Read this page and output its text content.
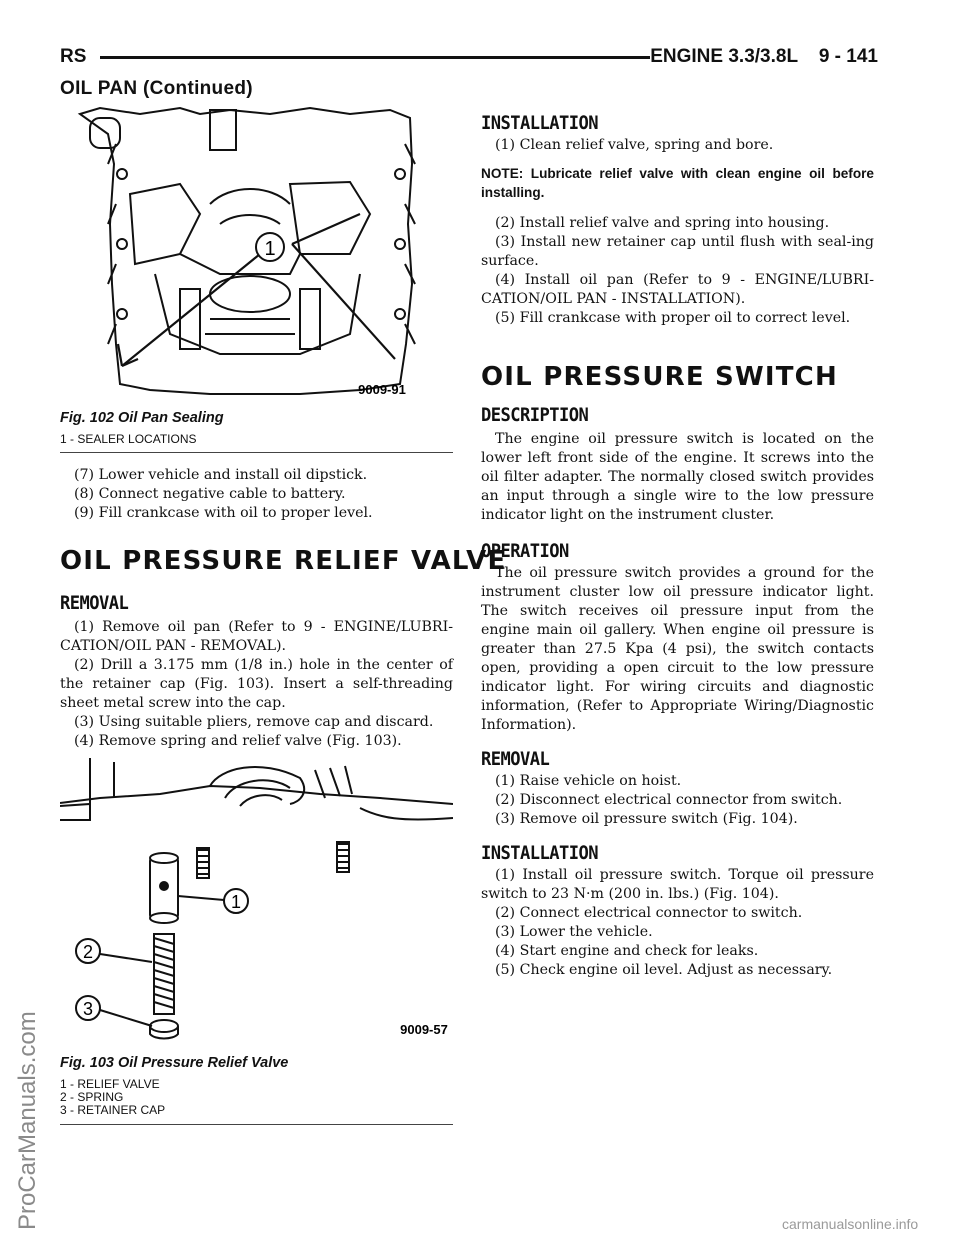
RS	ENGINE 3.3/3.8L    9 - 141
OIL PAN (Continued)
1
9009-91
Fig. 102 Oil Pan Sealing
1 - SEALER LOCATIONS

(7) Lower vehicle and install oil dipstick.

(8) Connect negative cable to battery.

(9) Fill crankcase with oil to proper level.

OIL PRESSURE RELIEF VALVE
REMOVAL

(1) Remove oil pan (Refer to 9 - ENGINE/LUBRI-CATION/OIL PAN - REMOVAL).

(2) Drill a 3.175 mm (1/8 in.) hole in the center of the retainer cap (Fig. 103). Insert a self-threading sheet metal screw into the cap.

(3) Using suitable pliers, remove cap and discard.

(4) Remove spring and relief valve (Fig. 103).

1
2
3
9009-57
Fig. 103 Oil Pressure Relief Valve
1 - RELIEF VALVE
2 - SPRING
3 - RETAINER CAP
INSTALLATION

(1) Clean relief valve, spring and bore.

NOTE: Lubricate relief valve with clean engine oil before installing.

(2) Install relief valve and spring into housing.

(3) Install new retainer cap until flush with seal-ing surface.

(4) Install oil pan (Refer to 9 - ENGINE/LUBRI-CATION/OIL PAN - INSTALLATION).

(5) Fill crankcase with proper oil to correct level.

OIL PRESSURE SWITCH
DESCRIPTION

The engine oil pressure switch is located on the lower left front side of the engine. It screws into the oil filter adapter. The normally closed switch provides an input through a single wire to the low pressure indicator light on the instrument cluster.

OPERATION

The oil pressure switch provides a ground for the instrument cluster low oil pressure indicator light. The switch receives oil pressure input from the engine main oil gallery. When engine oil pressure is greater than 27.5 Kpa (4 psi), the switch contacts open, providing a open circuit to the low pressure indicator light. For wiring circuits and diagnostic information, (Refer to Appropriate Wiring/Diagnostic Information).

REMOVAL

(1) Raise vehicle on hoist.

(2) Disconnect electrical connector from switch.

(3) Remove oil pressure switch (Fig. 104).

INSTALLATION

(1) Install oil pressure switch. Torque oil pressure switch to 23 N·m (200 in. lbs.) (Fig. 104).

(2) Connect electrical connector to switch.

(3) Lower the vehicle.

(4) Start engine and check for leaks.

(5) Check engine oil level. Adjust as necessary.

ProCarManuals.com	carmanualsonline.info
